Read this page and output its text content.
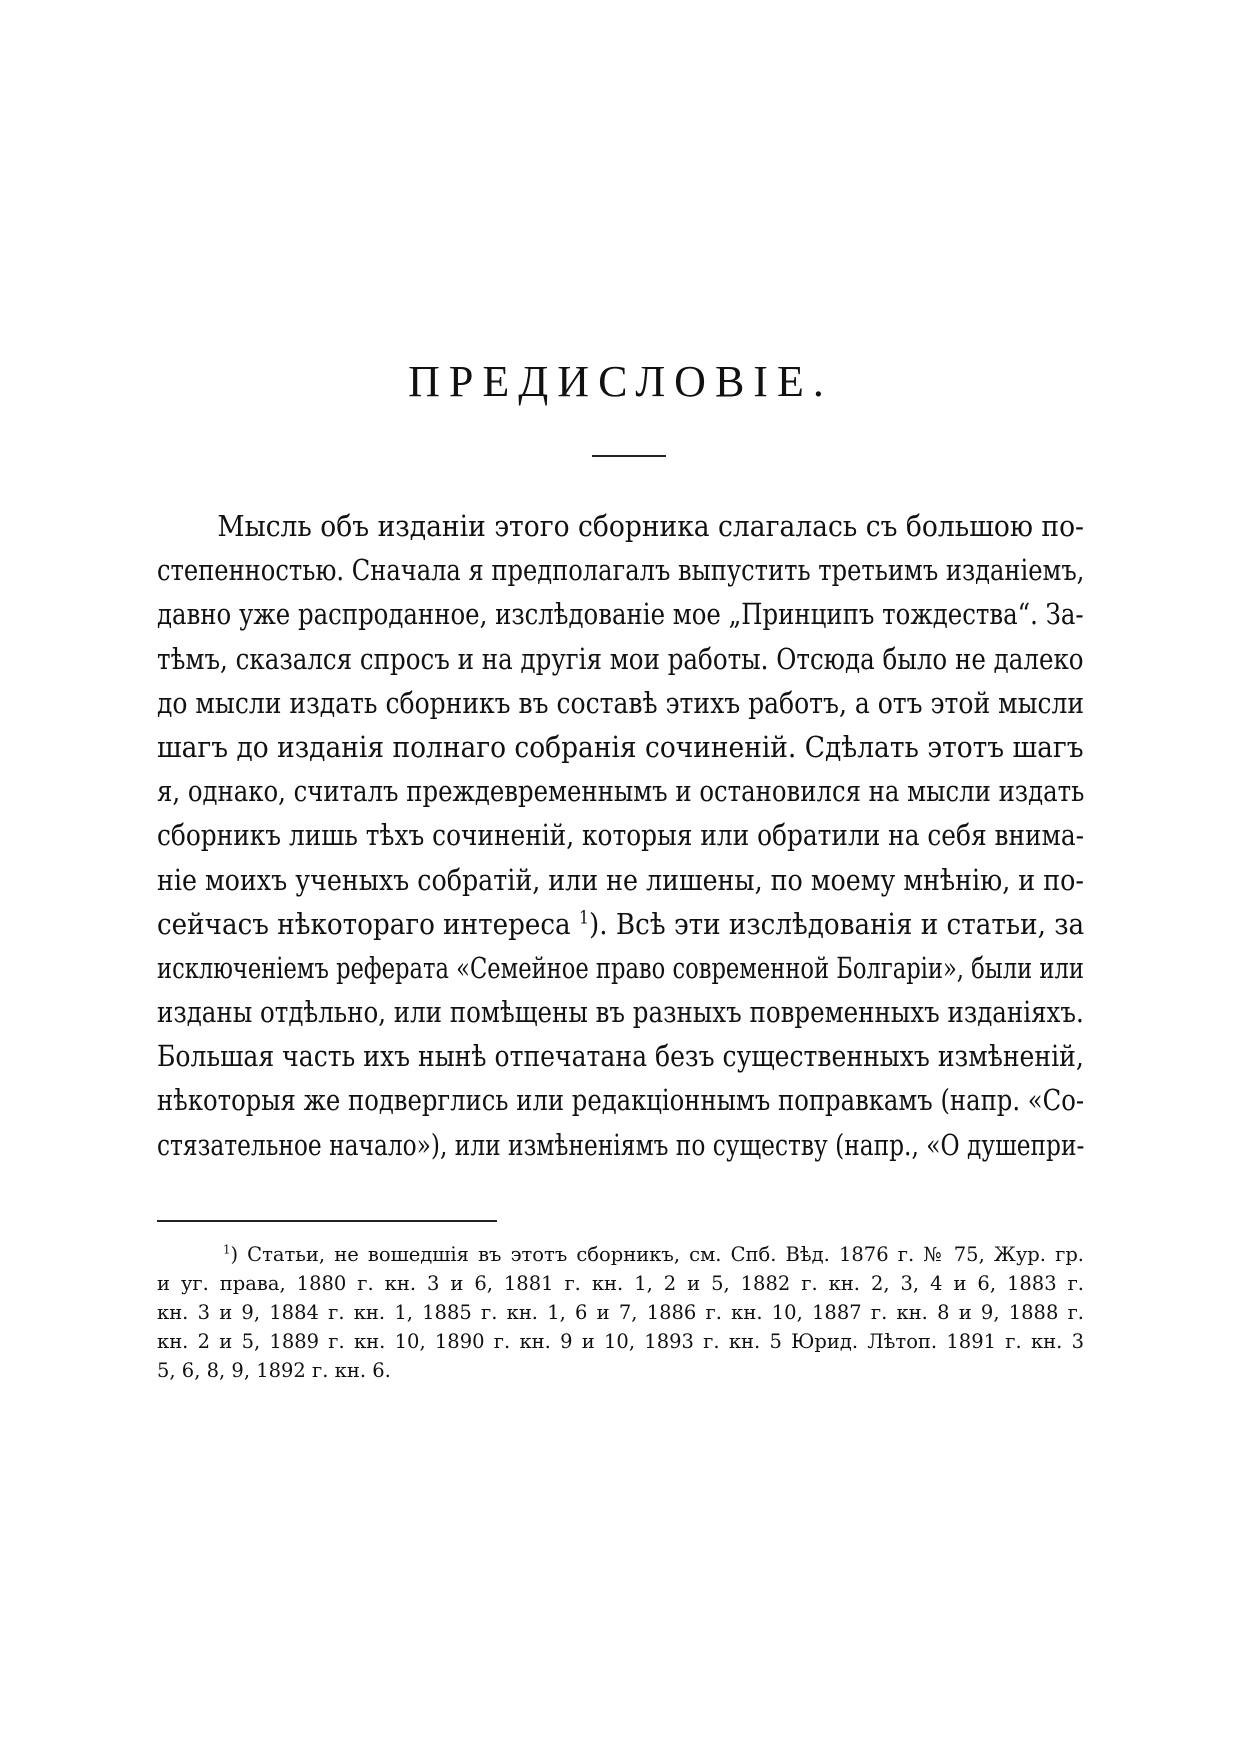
ПРЕДИСЛОВІЕ.
Мысль объ изданіи этого сборника слагалась съ большою по-
степенностью. Сначала я предполагалъ выпустить третьимъ изданіемъ,
давно уже распроданное, изслѣдованіе мое „Принципъ тождества“. За-
тѣмъ, сказался спросъ и на другія мои работы. Отсюда было не далеко
до мысли издать сборникъ въ составѣ этихъ работъ, а отъ этой мысли
шагъ до изданія полнаго собранія сочиненій. Сдѣлать этотъ шагъ
я, однако, считалъ преждевременнымъ и остановился на мысли издать
сборникъ лишь тѣхъ сочиненій, которыя или обратили на себя внима-
ніе моихъ ученыхъ собратій, или не лишены, по моему мнѣнію, и по-
сейчасъ нѣкотораго интереса $^1$). Всѣ эти изслѣдованія и статьи, за
исключеніемъ реферата «Семейное право современной Болгаріи», были или
изданы отдѣльно, или помѣщены въ разныхъ повременныхъ изданіяхъ.
Большая часть ихъ нынѣ отпечатана безъ существенныхъ измѣненій,
нѣкоторыя же подверглись или редакціоннымъ поправкамъ (напр. «Со-
стязательное начало»), или измѣненіямъ по существу (напр., «О душепри-
$^1$) Статьи, не вошедшія въ этотъ сборникъ, см. Спб. Вѣд. 1876 г. № 75, Жур. гр.
и уг. права, 1880 г. кн. 3 и 6, 1881 г. кн. 1, 2 и 5, 1882 г. кн. 2, 3, 4 и 6, 1883 г.
кн. 3 и 9, 1884 г. кн. 1, 1885 г. кн. 1, 6 и 7, 1886 г. кн. 10, 1887 г. кн. 8 и 9, 1888 г.
кн. 2 и 5, 1889 г. кн. 10, 1890 г. кн. 9 и 10, 1893 г. кн. 5 Юрид. Лѣтоп. 1891 г. кн. 3
5, 6, 8, 9, 1892 г. кн. 6.
